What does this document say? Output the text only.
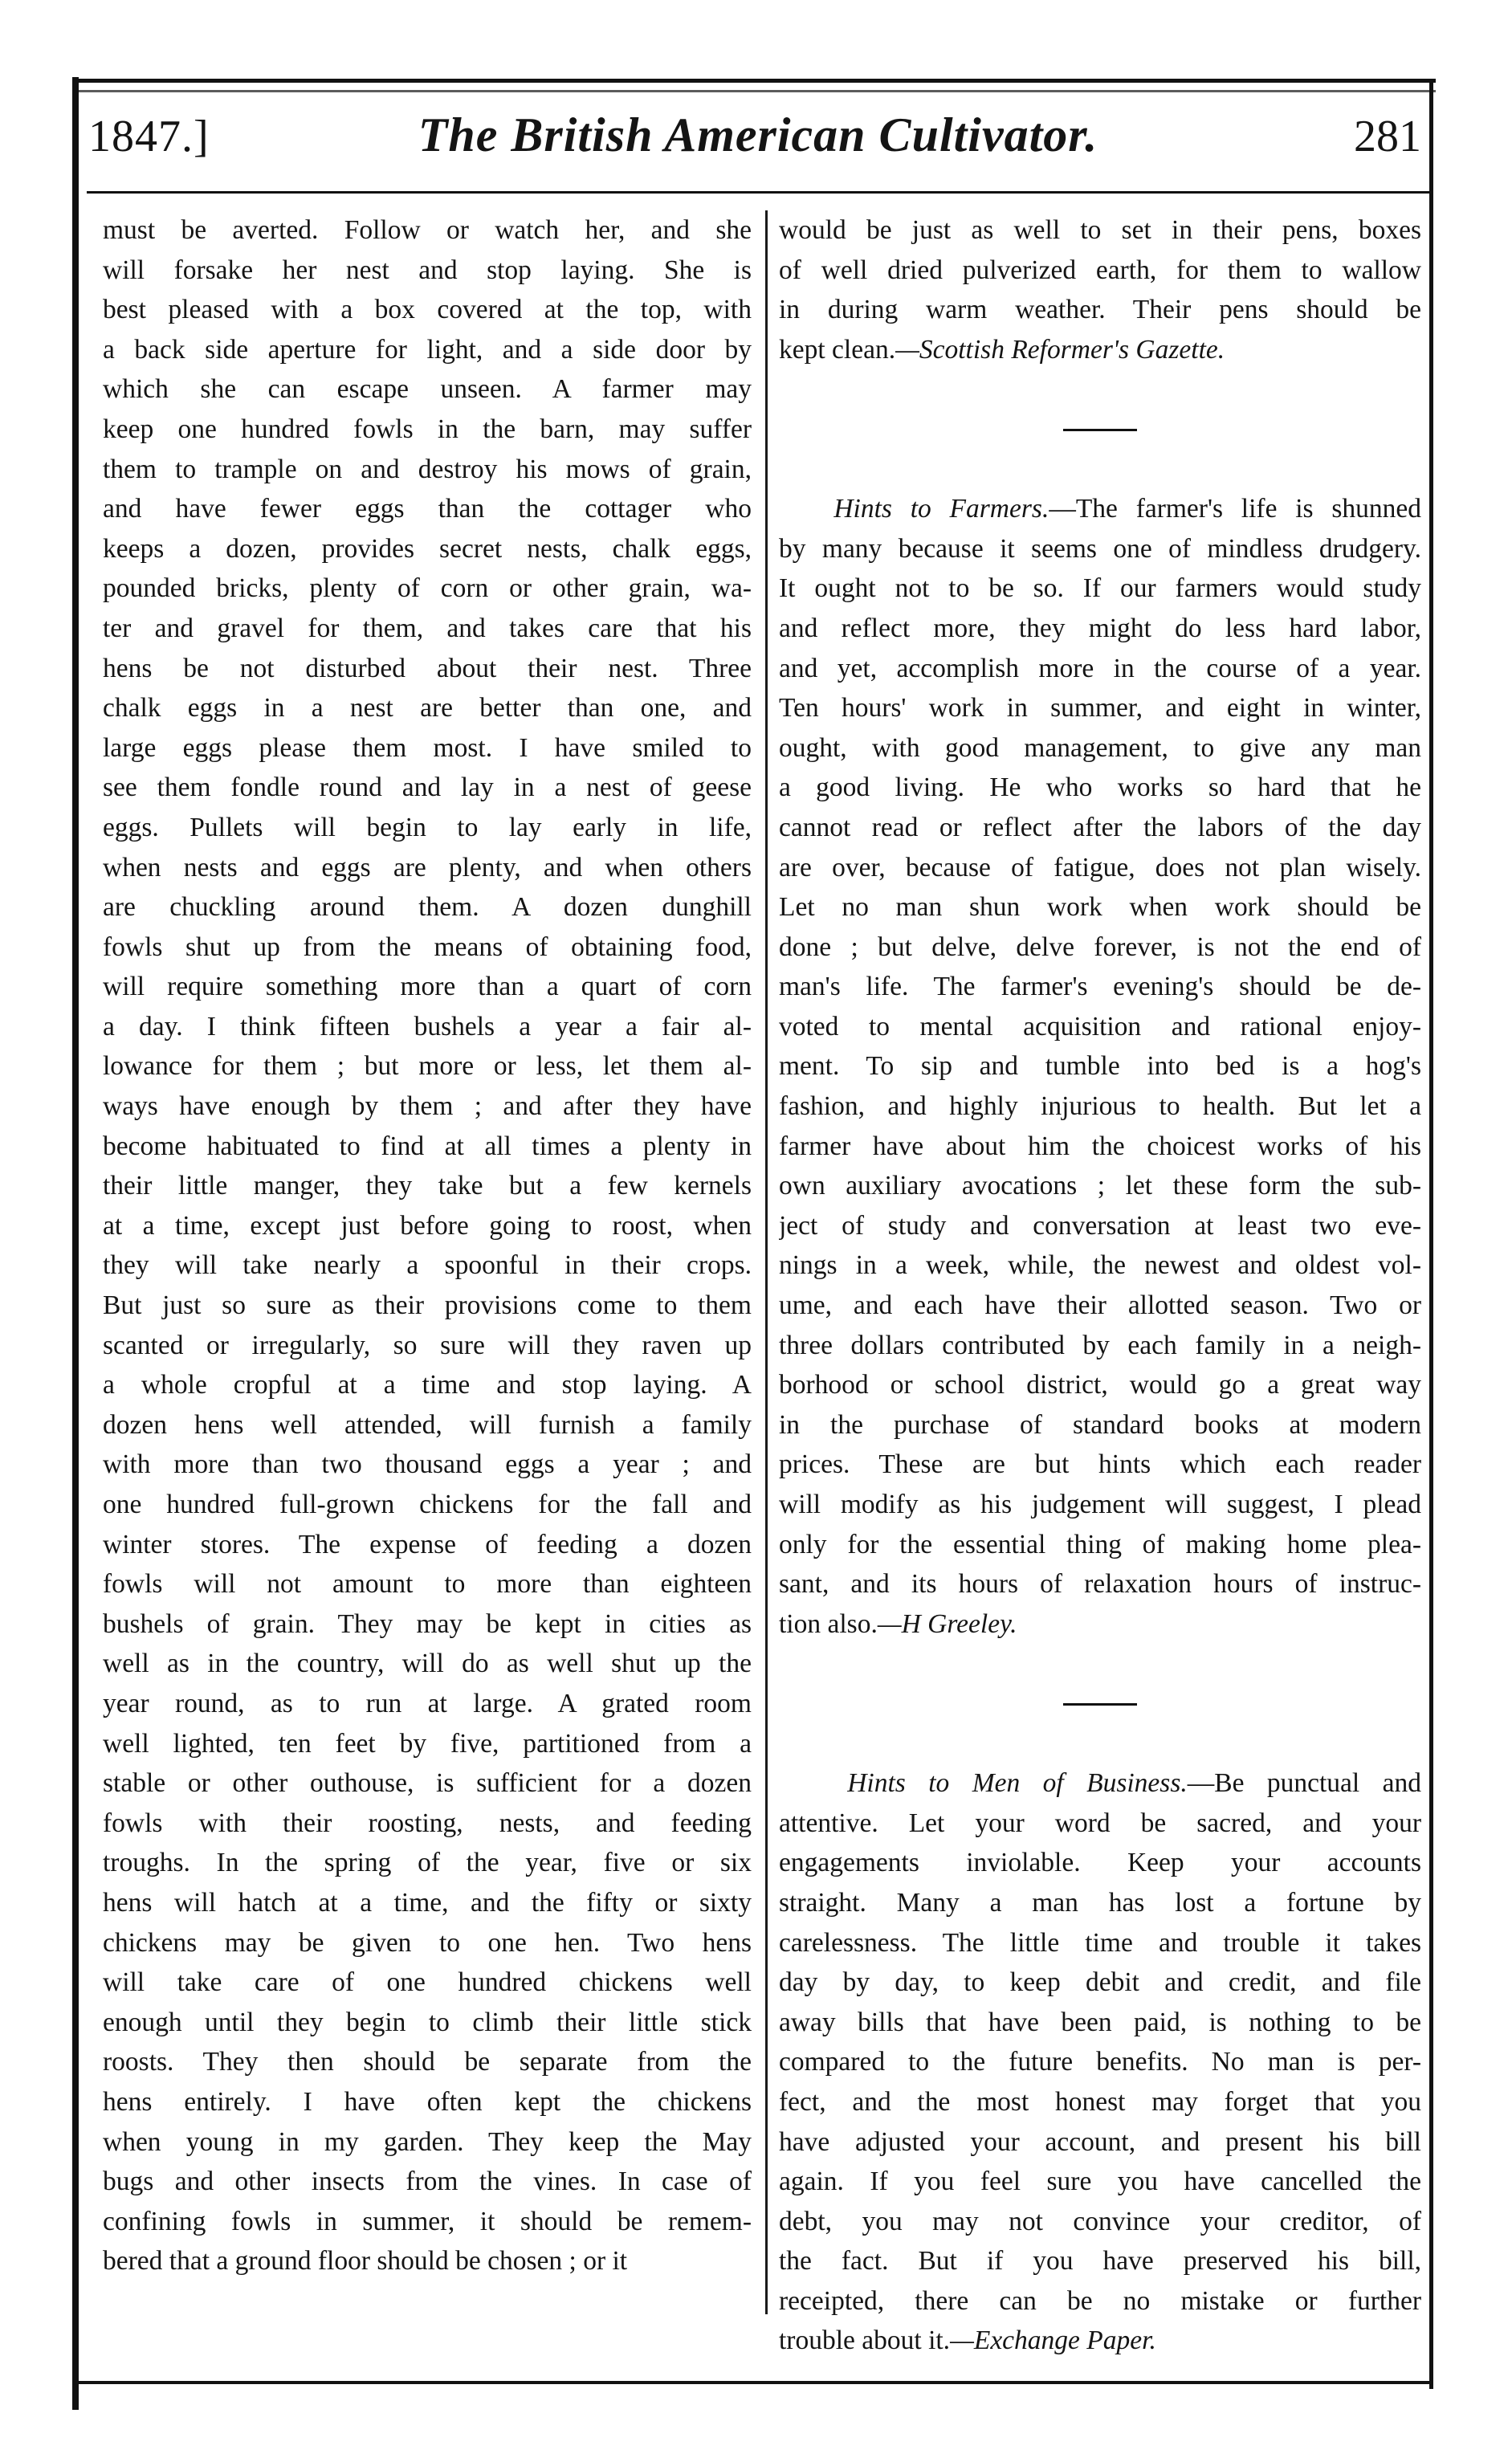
1847.]	The British American Cultivator.	281
must be averted. Follow or watch her, and she
will forsake her nest and stop laying. She is
best pleased with a box covered at the top, with
a back side aperture for light, and a side door by
which she can escape unseen. A farmer may
keep one hundred fowls in the barn, may suffer
them to trample on and destroy his mows of grain,
and have fewer eggs than the cottager who
keeps a dozen, provides secret nests, chalk eggs,
pounded bricks, plenty of corn or other grain, wa-
ter and gravel for them, and takes care that his
hens be not disturbed about their nest. Three
chalk eggs in a nest are better than one, and
large eggs please them most. I have smiled to
see them fondle round and lay in a nest of geese
eggs. Pullets will begin to lay early in life,
when nests and eggs are plenty, and when others
are chuckling around them. A dozen dunghill
fowls shut up from the means of obtaining food,
will require something more than a quart of corn
a day. I think fifteen bushels a year a fair al-
lowance for them ; but more or less, let them al-
ways have enough by them ; and after they have
become habituated to find at all times a plenty in
their little manger, they take but a few kernels
at a time, except just before going to roost, when
they will take nearly a spoonful in their crops.
But just so sure as their provisions come to them
scanted or irregularly, so sure will they raven up
a whole cropful at a time and stop laying. A
dozen hens well attended, will furnish a family
with more than two thousand eggs a year ; and
one hundred full-grown chickens for the fall and
winter stores. The expense of feeding a dozen
fowls will not amount to more than eighteen
bushels of grain. They may be kept in cities as
well as in the country, will do as well shut up the
year round, as to run at large. A grated room
well lighted, ten feet by five, partitioned from a
stable or other outhouse, is sufficient for a dozen
fowls with their roosting, nests, and feeding
troughs. In the spring of the year, five or six
hens will hatch at a time, and the fifty or sixty
chickens may be given to one hen. Two hens
will take care of one hundred chickens well
enough until they begin to climb their little stick
roosts. They then should be separate from the
hens entirely. I have often kept the chickens
when young in my garden. They keep the May
bugs and other insects from the vines. In case of
confining fowls in summer, it should be remem-
bered that a ground floor should be chosen ; or it
would be just as well to set in their pens, boxes
of well dried pulverized earth, for them to wallow
in during warm weather. Their pens should be
kept clean.—Scottish Reformer's Gazette.
Hints to Farmers.—The farmer's life is shunned
by many because it seems one of mindless drudgery.
It ought not to be so. If our farmers would study
and reflect more, they might do less hard labor,
and yet, accomplish more in the course of a year.
Ten hours' work in summer, and eight in winter,
ought, with good management, to give any man
a good living. He who works so hard that he
cannot read or reflect after the labors of the day
are over, because of fatigue, does not plan wisely.
Let no man shun work when work should be
done ; but delve, delve forever, is not the end of
man's life. The farmer's evening's should be de-
voted to mental acquisition and rational enjoy-
ment. To sip and tumble into bed is a hog's
fashion, and highly injurious to health. But let a
farmer have about him the choicest works of his
own auxiliary avocations ; let these form the sub-
ject of study and conversation at least two eve-
nings in a week, while, the newest and oldest vol-
ume, and each have their allotted season. Two or
three dollars contributed by each family in a neigh-
borhood or school district, would go a great way
in the purchase of standard books at modern
prices. These are but hints which each reader
will modify as his judgement will suggest, I plead
only for the essential thing of making home plea-
sant, and its hours of relaxation hours of instruc-
tion also.—H Greeley.
Hints to Men of Business.—Be punctual and
attentive. Let your word be sacred, and your
engagements inviolable. Keep your accounts
straight. Many a man has lost a fortune by
carelessness. The little time and trouble it takes
day by day, to keep debit and credit, and file
away bills that have been paid, is nothing to be
compared to the future benefits. No man is per-
fect, and the most honest may forget that you
have adjusted your account, and present his bill
again. If you feel sure you have cancelled the
debt, you may not convince your creditor, of
the fact. But if you have preserved his bill,
receipted, there can be no mistake or further
trouble about it.—Exchange Paper.
